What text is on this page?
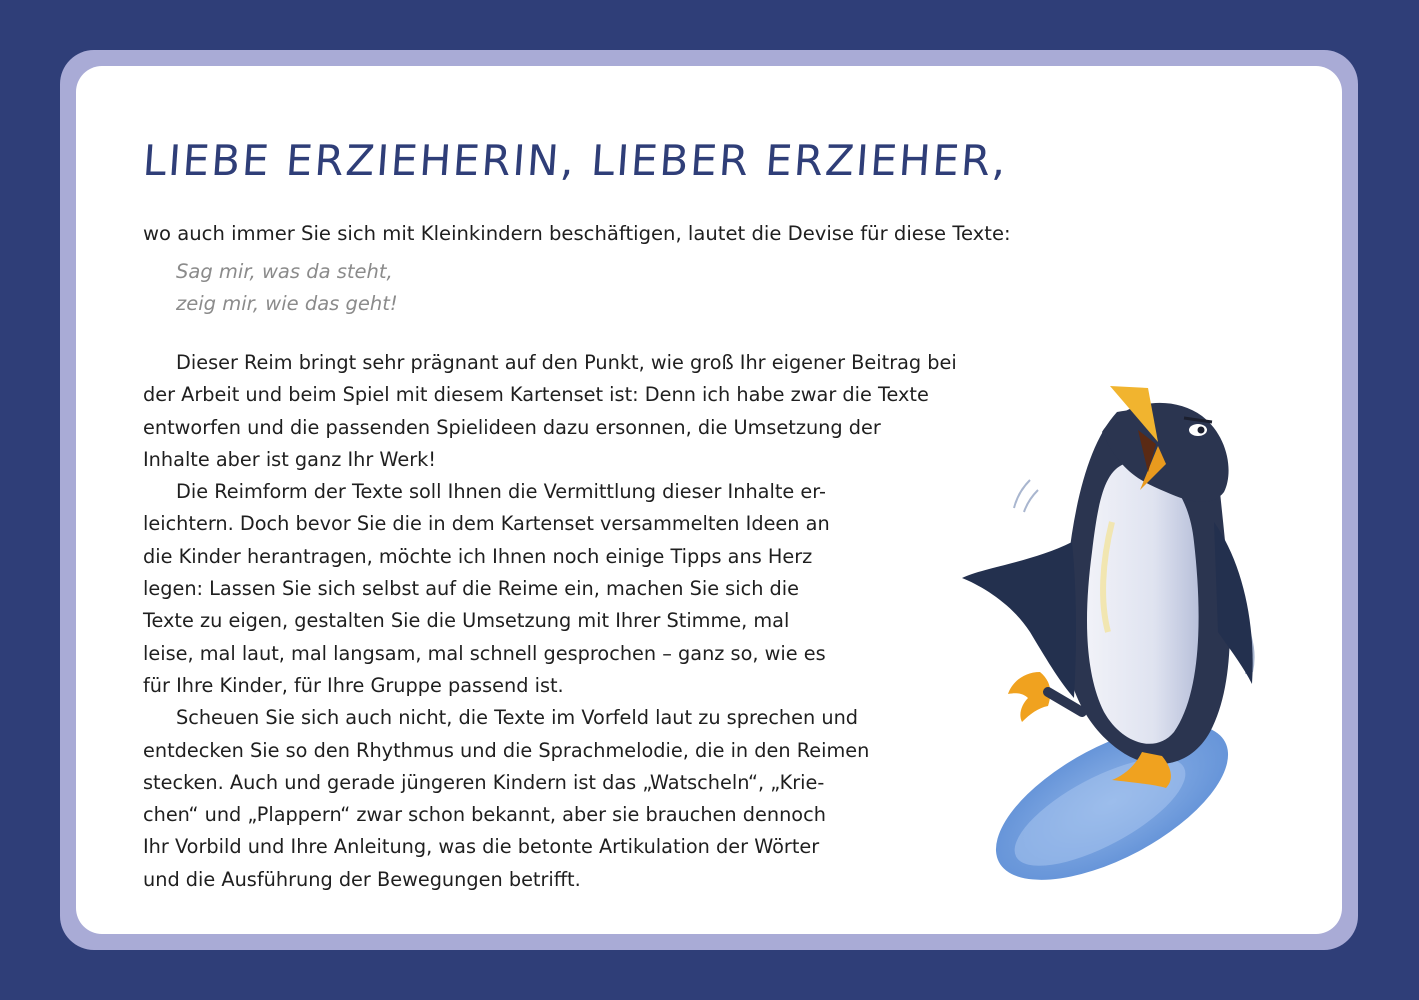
LIEBE ERZIEHERIN, LIEBER ERZIEHER,
wo auch immer Sie sich mit Kleinkindern beschäftigen, lautet die Devise für diese Texte:
Sag mir, was da steht,
zeig mir, wie das geht!
Dieser Reim bringt sehr prägnant auf den Punkt, wie groß Ihr eigener Beitrag bei
der Arbeit und beim Spiel mit diesem Kartenset ist: Denn ich habe zwar die Texte
entworfen und die passenden Spielideen dazu ersonnen, die Umsetzung der
Inhalte aber ist ganz Ihr Werk!
Die Reimform der Texte soll Ihnen die Vermittlung dieser Inhalte er-
leichtern. Doch bevor Sie die in dem Kartenset versammelten Ideen an
die Kinder herantragen, möchte ich Ihnen noch einige Tipps ans Herz
legen: Lassen Sie sich selbst auf die Reime ein, machen Sie sich die
Texte zu eigen, gestalten Sie die Umsetzung mit Ihrer Stimme, mal
leise, mal laut, mal langsam, mal schnell gesprochen – ganz so, wie es
für Ihre Kinder, für Ihre Gruppe passend ist.
Scheuen Sie sich auch nicht, die Texte im Vorfeld laut zu sprechen und
entdecken Sie so den Rhythmus und die Sprachmelodie, die in den Reimen
stecken. Auch und gerade jüngeren Kindern ist das „Watscheln“, „Krie-
chen“ und „Plappern“ zwar schon bekannt, aber sie brauchen dennoch
Ihr Vorbild und Ihre Anleitung, was die betonte Artikulation der Wörter
und die Ausführung der Bewegungen betrifft.
